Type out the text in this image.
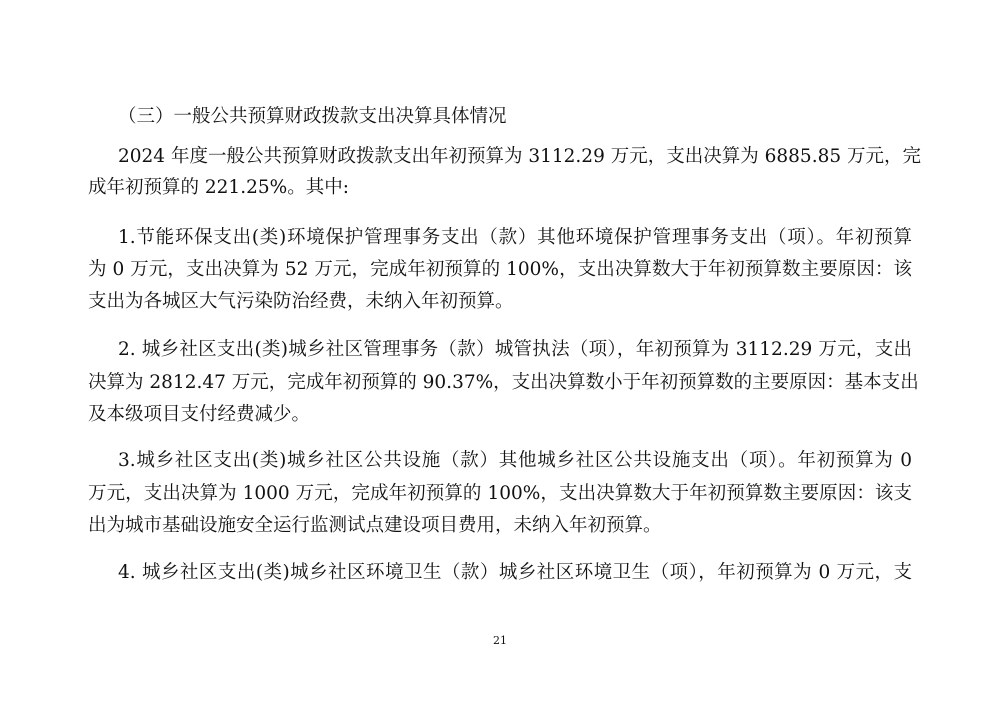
（三）一般公共预算财政拨款支出决算具体情况
2024 年度一般公共预算财政拨款支出年初预算为 3112.29 万元，支出决算为 6885.85 万元，完
成年初预算的 221.25%。其中:
1.节能环保支出(类)环境保护管理事务支出（款）其他环境保护管理事务支出（项）。年初预算
为 0 万元，支出决算为 52 万元，完成年初预算的 100%，支出决算数大于年初预算数主要原因：该
支出为各城区大气污染防治经费，未纳入年初预算。
2. 城乡社区支出(类)城乡社区管理事务（款）城管执法（项），年初预算为 3112.29 万元，支出
决算为 2812.47 万元，完成年初预算的 90.37%，支出决算数小于年初预算数的主要原因：基本支出
及本级项目支付经费减少。
3.城乡社区支出(类)城乡社区公共设施（款）其他城乡社区公共设施支出（项）。年初预算为 0
万元，支出决算为 1000 万元，完成年初预算的 100%，支出决算数大于年初预算数主要原因：该支
出为城市基础设施安全运行监测试点建设项目费用，未纳入年初预算。
4. 城乡社区支出(类)城乡社区环境卫生（款）城乡社区环境卫生（项），年初预算为 0 万元，支
21
